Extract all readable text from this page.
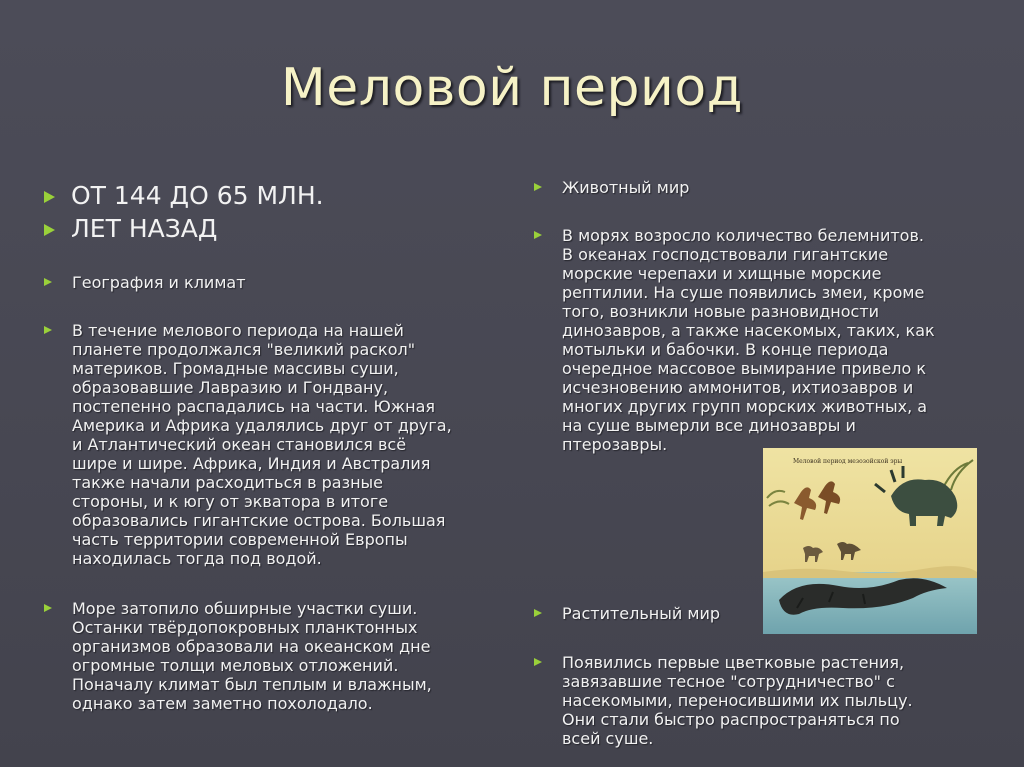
Меловой период
ОТ 144 ДО 65 МЛН.
ЛЕТ НАЗАД
География и климат
В течение мелового периода на нашей
планете продолжался "великий раскол"
материков. Громадные массивы суши,
образовавшие Лавразию и Гондвану,
постепенно распадались на части. Южная
Америка и Африка удалялись друг от друга,
и Атлантический океан становился всё
шире и шире. Африка, Индия и Австралия
также начали расходиться в разные
стороны, и к югу от экватора в итоге
образовались гигантские острова. Большая
часть территории современной Европы
находилась тогда под водой.
Море затопило обширные участки суши.
Останки твёрдопокровных планктонных
организмов образовали на океанском дне
огромные толщи меловых отложений.
Поначалу климат был теплым и влажным,
однако затем заметно похолодало.
Животный мир
В морях возросло количество белемнитов.
В океанах господствовали гигантские
морские черепахи и хищные морские
рептилии. На суше появились змеи, кроме
того, возникли новые разновидности
динозавров, а также насекомых, таких, как
мотыльки и бабочки. В конце периода
очередное массовое вымирание привело к
исчезновению аммонитов, ихтиозавров и
многих других групп морских животных, а
на суше вымерли все динозавры и
птерозавры.
Растительный мир
Появились первые цветковые растения,
завязавшие тесное "сотрудничество" с
насекомыми, переносившими их пыльцу.
Они стали быстро распространяться по
всей суше.
Меловой период мезозойской эры
